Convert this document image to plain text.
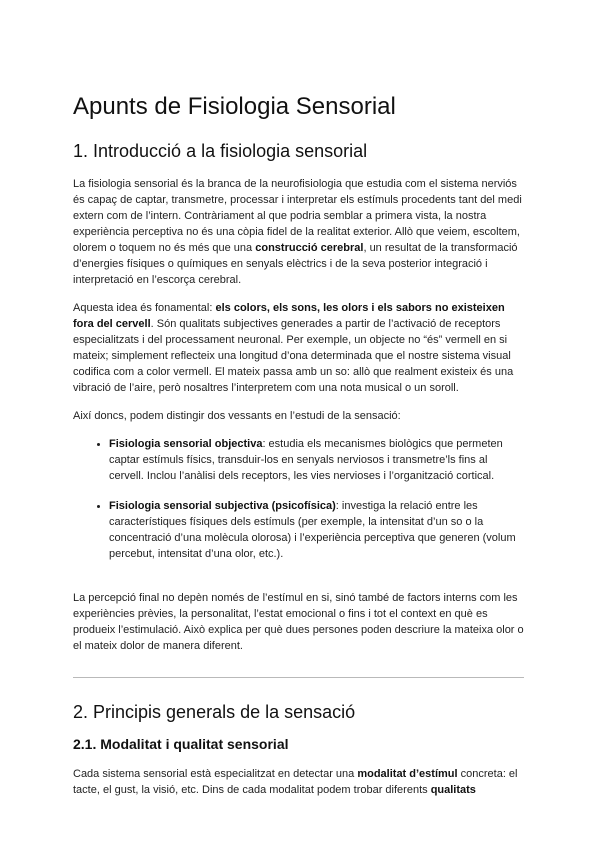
Apunts de Fisiologia Sensorial
1. Introducció a la fisiologia sensorial

La fisiologia sensorial és la branca de la neurofisiologia que estudia com el sistema nerviós és capaç de captar, transmetre, processar i interpretar els estímuls procedents tant del medi extern com de l’intern. Contràriament al que podria semblar a primera vista, la nostra experiència perceptiva no és una còpia fidel de la realitat exterior. Allò que veiem, escoltem, olorem o toquem no és més que una construcció cerebral, un resultat de la transformació d’energies físiques o químiques en senyals elèctrics i de la seva posterior integració i interpretació en l’escorça cerebral.

Aquesta idea és fonamental: els colors, els sons, les olors i els sabors no existeixen fora del cervell. Són qualitats subjectives generades a partir de l’activació de receptors especialitzats i del processament neuronal. Per exemple, un objecte no “és” vermell en si mateix; simplement reflecteix una longitud d’ona determinada que el nostre sistema visual codifica com a color vermell. El mateix passa amb un so: allò que realment existeix és una vibració de l’aire, però nosaltres l’interpretem com una nota musical o un soroll.

Així doncs, podem distingir dos vessants en l’estudi de la sensació:

• Fisiologia sensorial objectiva: estudia els mecanismes biològics que permeten captar estímuls físics, transduir-los en senyals nerviosos i transmetre’ls fins al cervell. Inclou l’anàlisi dels receptors, les vies nervioses i l’organització cortical.
• Fisiologia sensorial subjectiva (psicofísica): investiga la relació entre les característiques físiques dels estímuls (per exemple, la intensitat d’un so o la concentració d’una molècula olorosa) i l’experiència perceptiva que generen (volum percebut, intensitat d’una olor, etc.).

La percepció final no depèn només de l’estímul en si, sinó també de factors interns com les experiències prèvies, la personalitat, l’estat emocional o fins i tot el context en què es produeix l’estimulació. Això explica per què dues persones poden descriure la mateixa olor o el mateix dolor de manera diferent.

2. Principis generals de la sensació
2.1. Modalitat i qualitat sensorial

Cada sistema sensorial està especialitzat en detectar una modalitat d’estímul concreta: el tacte, el gust, la visió, etc. Dins de cada modalitat podem trobar diferents qualitats
